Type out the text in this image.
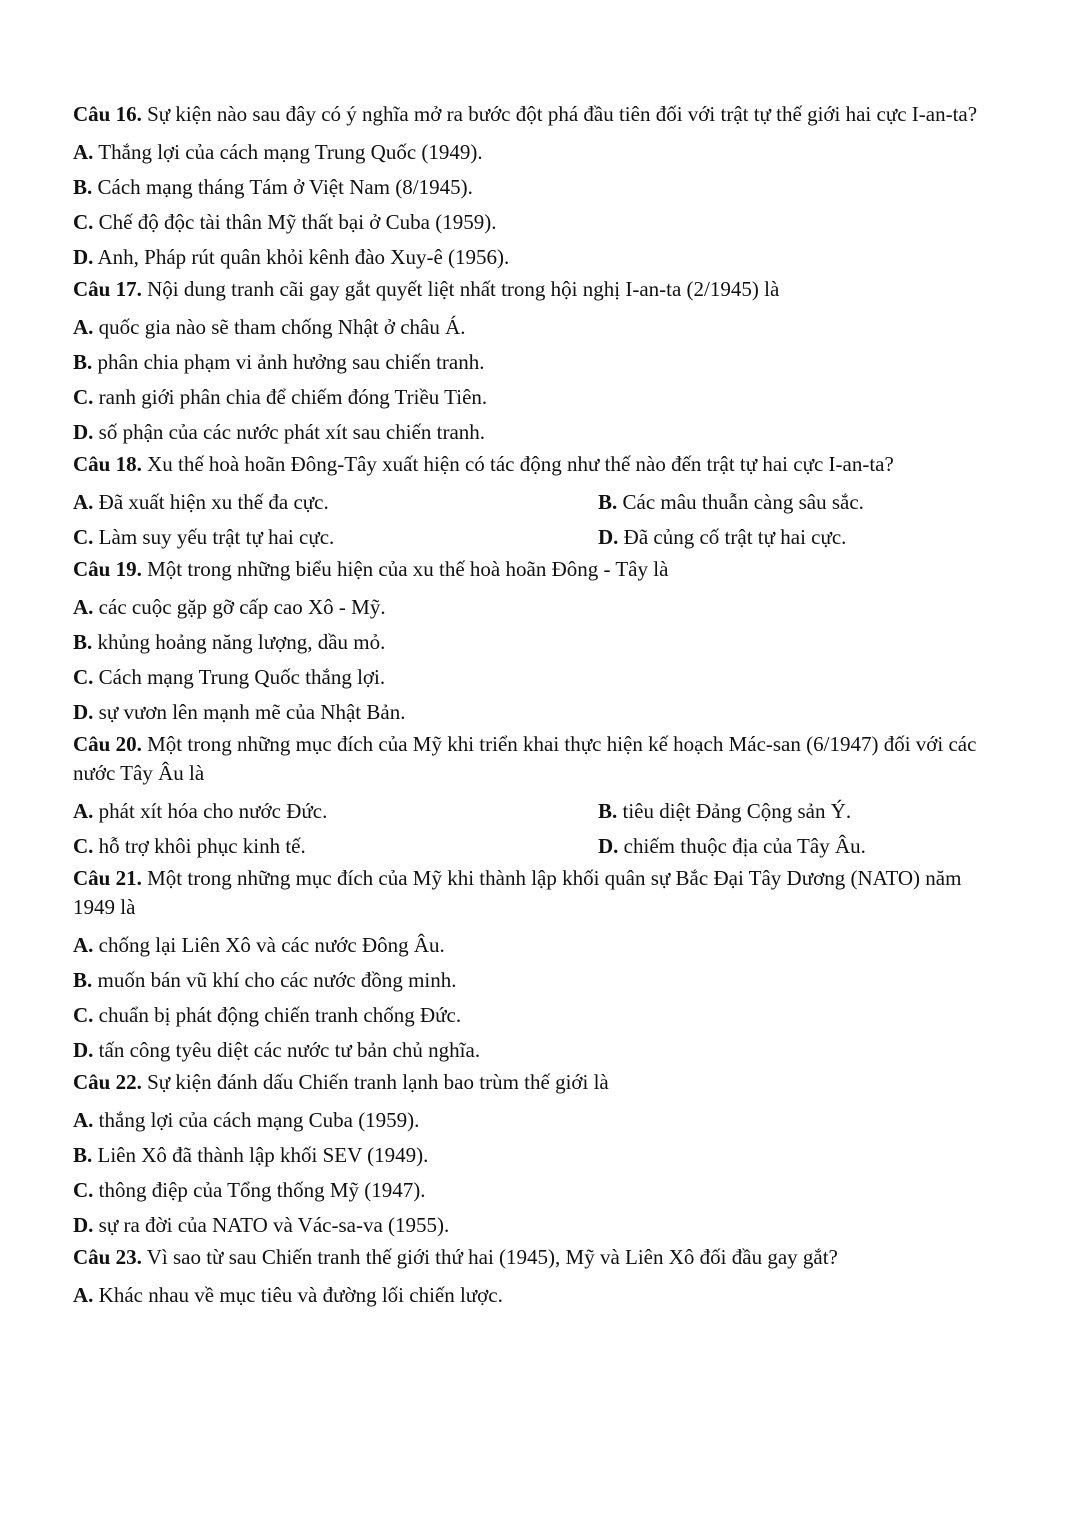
Câu 16. Sự kiện nào sau đây có ý nghĩa mở ra bước đột phá đầu tiên đối với trật tự thế giới hai cực I-an-ta?
A. Thắng lợi của cách mạng Trung Quốc (1949).
B. Cách mạng tháng Tám ở Việt Nam (8/1945).
C. Chế độ độc tài thân Mỹ thất bại ở Cuba (1959).
D. Anh, Pháp rút quân khỏi kênh đào Xuy-ê (1956).
Câu 17. Nội dung tranh cãi gay gắt quyết liệt nhất trong hội nghị I-an-ta (2/1945) là
A. quốc gia nào sẽ tham chống Nhật ở châu Á.
B. phân chia phạm vi ảnh hưởng sau chiến tranh.
C. ranh giới phân chia để chiếm đóng Triều Tiên.
D. số phận của các nước phát xít sau chiến tranh.
Câu 18. Xu thế hoà hoãn Đông-Tây xuất hiện có tác động như thế nào đến trật tự hai cực I-an-ta?
A. Đã xuất hiện xu thế đa cực.	B. Các mâu thuẫn càng sâu sắc.
C. Làm suy yếu trật tự hai cực.	D. Đã củng cố trật tự hai cực.
Câu 19. Một trong những biểu hiện của xu thế hoà hoãn Đông - Tây là
A. các cuộc gặp gỡ cấp cao Xô - Mỹ.
B. khủng hoảng năng lượng, dầu mỏ.
C. Cách mạng Trung Quốc thắng lợi.
D. sự vươn lên mạnh mẽ của Nhật Bản.
Câu 20. Một trong những mục đích của Mỹ khi triển khai thực hiện kế hoạch Mác-san (6/1947) đối với các nước Tây Âu là
A. phát xít hóa cho nước Đức.	B. tiêu diệt Đảng Cộng sản Ý.
C. hỗ trợ khôi phục kinh tế.	D. chiếm thuộc địa của Tây Âu.
Câu 21. Một trong những mục đích của Mỹ khi thành lập khối quân sự Bắc Đại Tây Dương (NATO) năm 1949 là
A. chống lại Liên Xô và các nước Đông Âu.
B. muốn bán vũ khí cho các nước đồng minh.
C. chuẩn bị phát động chiến tranh chống Đức.
D. tấn công tyêu diệt các nước tư bản chủ nghĩa.
Câu 22. Sự kiện đánh dấu Chiến tranh lạnh bao trùm thế giới là
A. thắng lợi của cách mạng Cuba (1959).
B. Liên Xô đã thành lập khối SEV (1949).
C. thông điệp của Tổng thống Mỹ (1947).
D. sự ra đời của NATO và Vác-sa-va (1955).
Câu 23. Vì sao từ sau Chiến tranh thế giới thứ hai (1945), Mỹ và Liên Xô đối đầu gay gắt?
A. Khác nhau về mục tiêu và đường lối chiến lược.
